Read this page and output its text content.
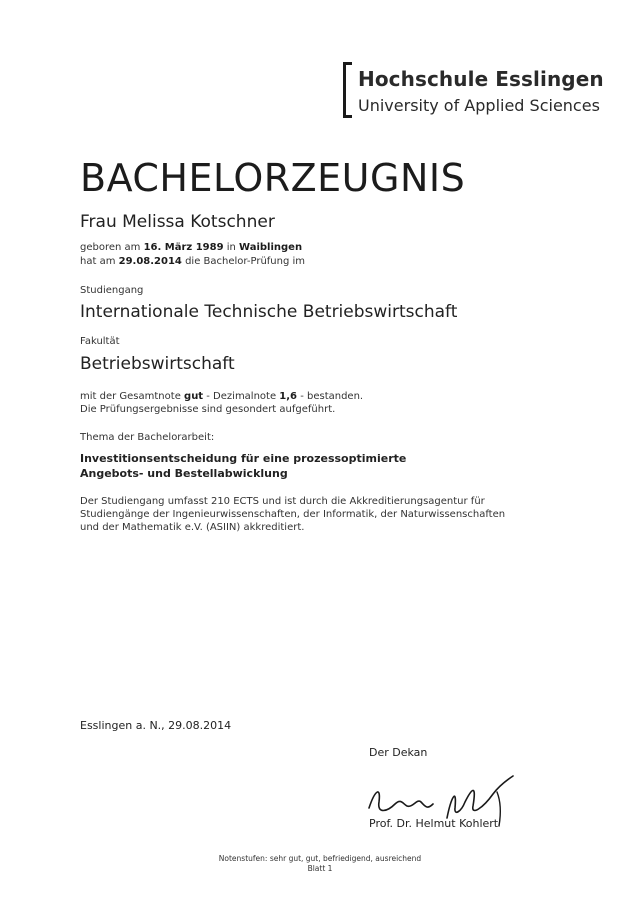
Hochschule Esslingen
University of Applied Sciences
BACHELORZEUGNIS
Frau Melissa Kotschner
geboren am 16. März 1989 in Waiblingen
hat am 29.08.2014 die Bachelor-Prüfung im
Studiengang
Internationale Technische Betriebswirtschaft
Fakultät
Betriebswirtschaft
mit der Gesamtnote gut - Dezimalnote 1,6 - bestanden.
Die Prüfungsergebnisse sind gesondert aufgeführt.
Thema der Bachelorarbeit:
Investitionsentscheidung für eine prozessoptimierte
Angebots- und Bestellabwicklung
Der Studiengang umfasst 210 ECTS und ist durch die Akkreditierungsagentur für
Studiengänge der Ingenieurwissenschaften, der Informatik, der Naturwissenschaften
und der Mathematik e.V. (ASIIN) akkreditiert.
Esslingen a. N., 29.08.2014
Der Dekan
Prof. Dr. Helmut Kohlert
Notenstufen: sehr gut, gut, befriedigend, ausreichend
Blatt 1
